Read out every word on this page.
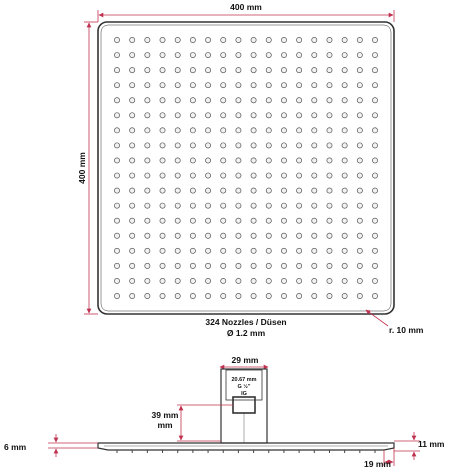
400 mm
400 mm
324 Nozzles / Düsen
Ø 1.2 mm	r. 10 mm
29 mm
20.67 mm
G ½"
IG
39 mm
mm
6 mm	11 mm
19 mm
